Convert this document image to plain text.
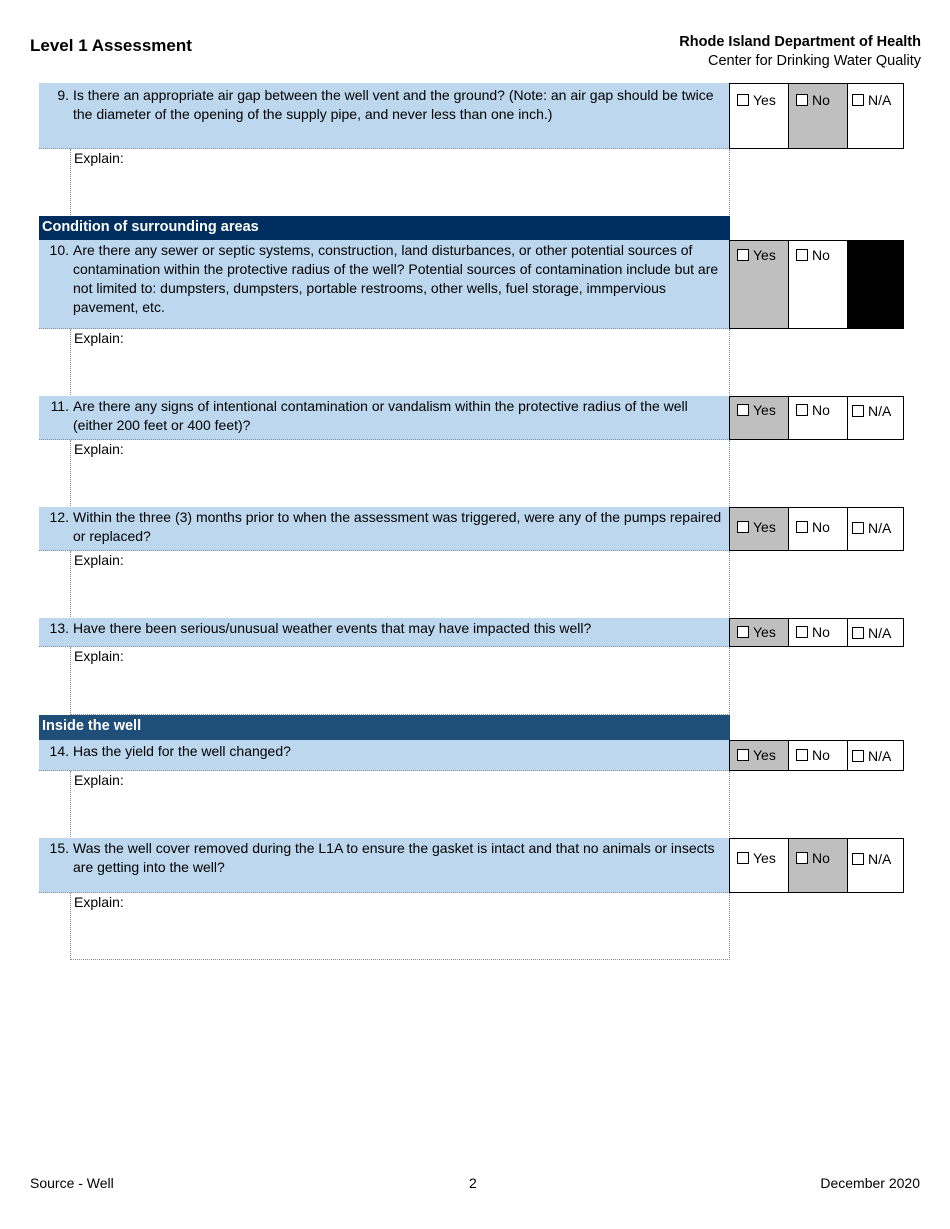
Level 1 Assessment	Rhode Island Department of Health
Center for Drinking Water Quality
9. Is there an appropriate air gap between the well vent and the ground? (Note: an air gap should be twice the diameter of the opening of the supply pipe, and never less than one inch.)
Yes	No	N/A
Explain:
Condition of surrounding areas
10. Are there any sewer or septic systems, construction, land disturbances, or other potential sources of contamination within the protective radius of the well? Potential sources of contamination include but are not limited to: dumpsters, dumpsters, portable restrooms, other wells, fuel storage, immpervious pavement, etc.
Yes	No
Explain:
11. Are there any signs of intentional contamination or vandalism within the protective radius of the well (either 200 feet or 400 feet)?
Yes	No	N/A
Explain:
12. Within the three (3) months prior to when the assessment was triggered, were any of the pumps repaired or replaced?
Yes	No	N/A
Explain:
13. Have there been serious/unusual weather events that may have impacted this well?	Yes	No	N/A
Explain:
Inside the well
14. Has the yield for the well changed?	Yes	No	N/A
Explain:
15. Was the well cover removed during the L1A to ensure the gasket is intact and that no animals or insects are getting into the well?
Yes	No	N/A
Explain:
Source - Well	2	December 2020
